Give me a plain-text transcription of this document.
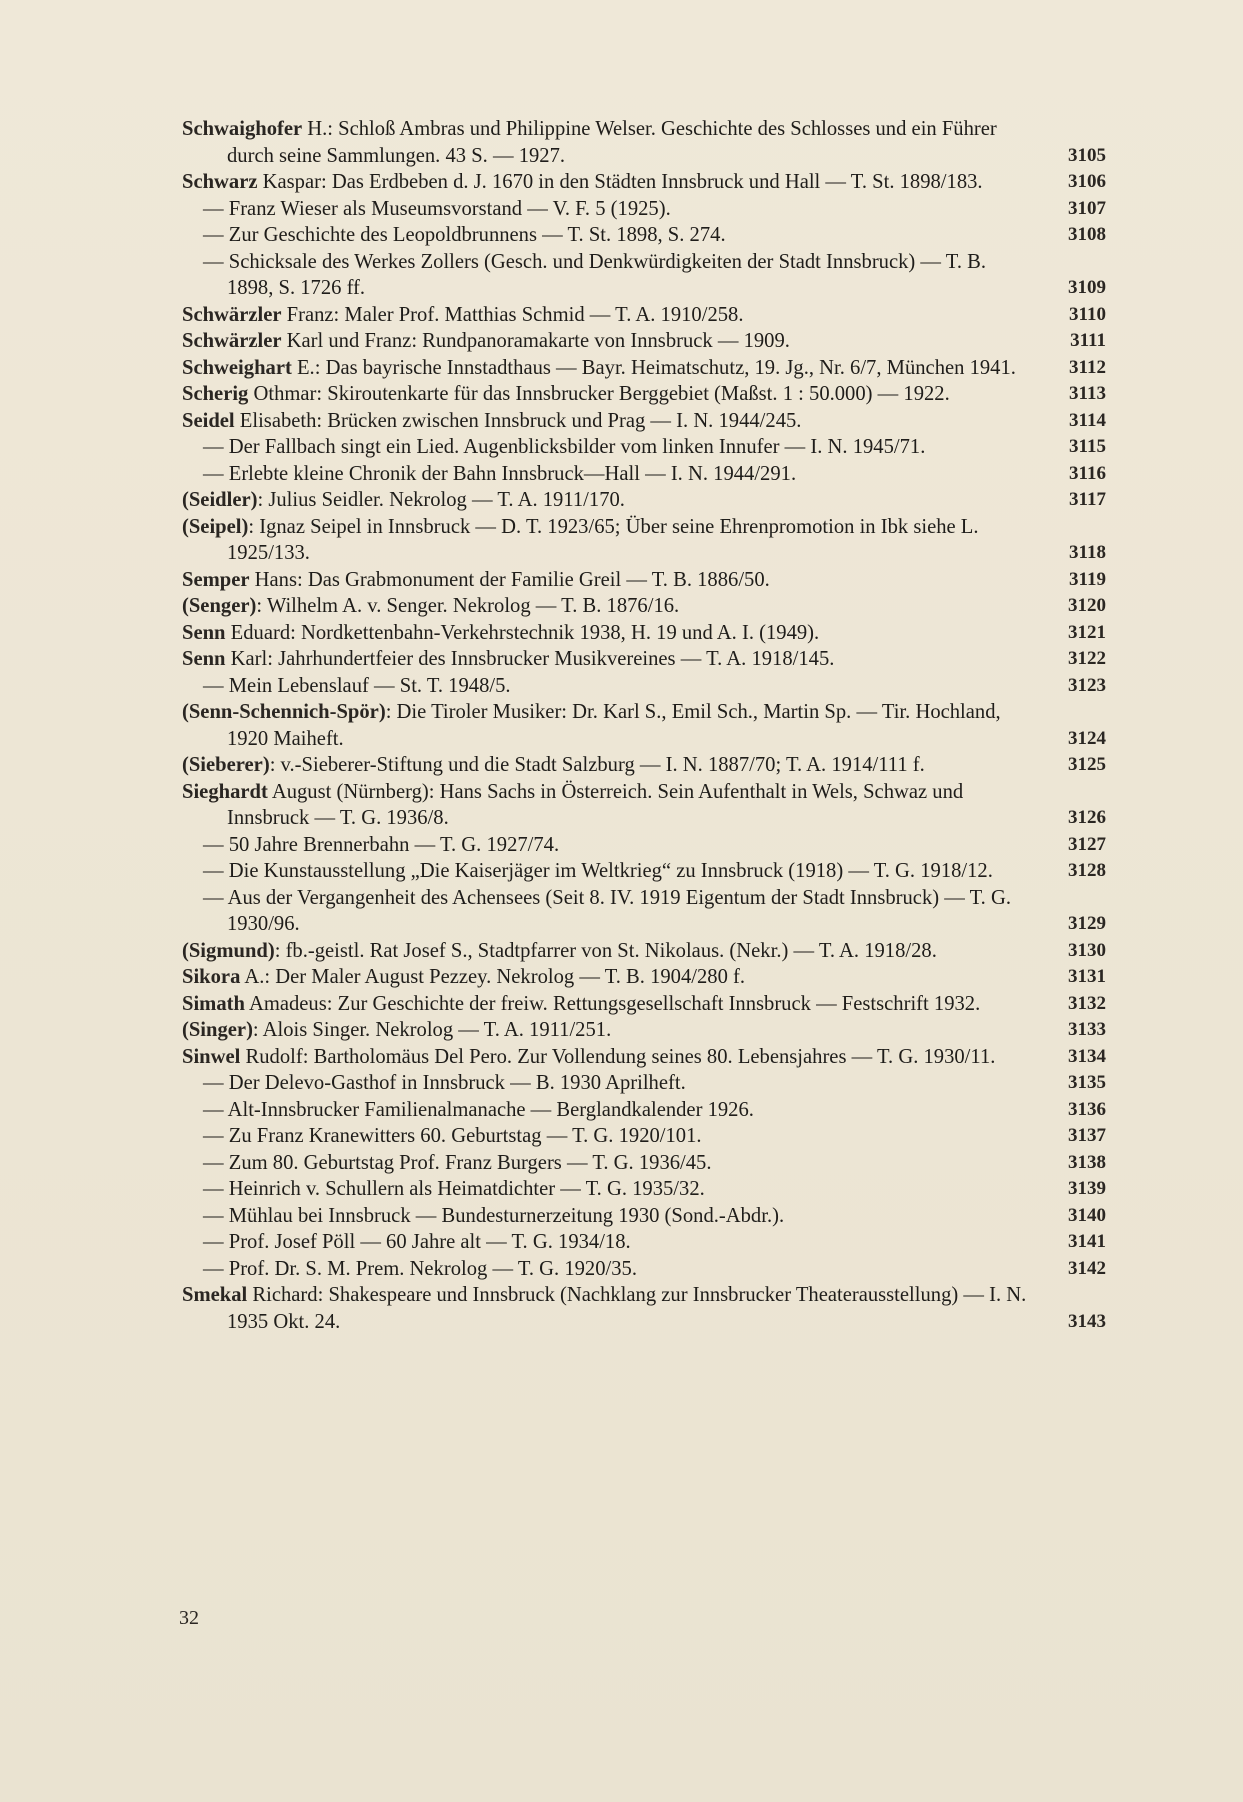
Schwaighofer H.: Schloß Ambras und Philippine Welser. Geschichte des Schlosses und ein Führer durch seine Sammlungen. 43 S. — 1927.	3105
Schwarz Kaspar: Das Erdbeben d. J. 1670 in den Städten Innsbruck und Hall — T. St. 1898/183.	3106
— Franz Wieser als Museumsvorstand — V. F. 5 (1925).	3107
— Zur Geschichte des Leopoldbrunnens — T. St. 1898, S. 274.	3108
— Schicksale des Werkes Zollers (Gesch. und Denkwürdigkeiten der Stadt Innsbruck) — T. B. 1898, S. 1726 ff.	3109
Schwärzler Franz: Maler Prof. Matthias Schmid — T. A. 1910/258.	3110
Schwärzler Karl und Franz: Rundpanoramakarte von Innsbruck — 1909.	3111
Schweighart E.: Das bayrische Innstadthaus — Bayr. Heimatschutz, 19. Jg., Nr. 6/7, München 1941.	3112
Scherig Othmar: Skiroutenkarte für das Innsbrucker Berggebiet (Maßst. 1 : 50.000) — 1922.	3113
Seidel Elisabeth: Brücken zwischen Innsbruck und Prag — I. N. 1944/245.	3114
— Der Fallbach singt ein Lied. Augenblicksbilder vom linken Innufer — I. N. 1945/71.	3115
— Erlebte kleine Chronik der Bahn Innsbruck—Hall — I. N. 1944/291.	3116
(Seidler): Julius Seidler. Nekrolog — T. A. 1911/170.	3117
(Seipel): Ignaz Seipel in Innsbruck — D. T. 1923/65; Über seine Ehrenpromotion in Ibk siehe L. 1925/133.	3118
Semper Hans: Das Grabmonument der Familie Greil — T. B. 1886/50.	3119
(Senger): Wilhelm A. v. Senger. Nekrolog — T. B. 1876/16.	3120
Senn Eduard: Nordkettenbahn-Verkehrstechnik 1938, H. 19 und A. I. (1949).	3121
Senn Karl: Jahrhundertfeier des Innsbrucker Musikvereines — T. A. 1918/145.	3122
— Mein Lebenslauf — St. T. 1948/5.	3123
(Senn-Schennich-Spör): Die Tiroler Musiker: Dr. Karl S., Emil Sch., Martin Sp. — Tir. Hochland, 1920 Maiheft.	3124
(Sieberer): v.-Sieberer-Stiftung und die Stadt Salzburg — I. N. 1887/70; T. A. 1914/111 f.	3125
Sieghardt August (Nürnberg): Hans Sachs in Österreich. Sein Aufenthalt in Wels, Schwaz und Innsbruck — T. G. 1936/8.	3126
— 50 Jahre Brennerbahn — T. G. 1927/74.	3127
— Die Kunstausstellung „Die Kaiserjäger im Weltkrieg“ zu Innsbruck (1918) — T. G. 1918/12.	3128
— Aus der Vergangenheit des Achensees (Seit 8. IV. 1919 Eigentum der Stadt Innsbruck) — T. G. 1930/96.	3129
(Sigmund): fb.-geistl. Rat Josef S., Stadtpfarrer von St. Nikolaus. (Nekr.) — T. A. 1918/28.	3130
Sikora A.: Der Maler August Pezzey. Nekrolog — T. B. 1904/280 f.	3131
Simath Amadeus: Zur Geschichte der freiw. Rettungsgesellschaft Innsbruck — Festschrift 1932.	3132
(Singer): Alois Singer. Nekrolog — T. A. 1911/251.	3133
Sinwel Rudolf: Bartholomäus Del Pero. Zur Vollendung seines 80. Lebensjahres — T. G. 1930/11.	3134
— Der Delevo-Gasthof in Innsbruck — B. 1930 Aprilheft.	3135
— Alt-Innsbrucker Familienalmanache — Berglandkalender 1926.	3136
— Zu Franz Kranewitters 60. Geburtstag — T. G. 1920/101.	3137
— Zum 80. Geburtstag Prof. Franz Burgers — T. G. 1936/45.	3138
— Heinrich v. Schullern als Heimatdichter — T. G. 1935/32.	3139
— Mühlau bei Innsbruck — Bundesturnerzeitung 1930 (Sond.-Abdr.).	3140
— Prof. Josef Pöll — 60 Jahre alt — T. G. 1934/18.	3141
— Prof. Dr. S. M. Prem. Nekrolog — T. G. 1920/35.	3142
Smekal Richard: Shakespeare und Innsbruck (Nachklang zur Innsbrucker Theaterausstellung) — I. N. 1935 Okt. 24.	3143
32
